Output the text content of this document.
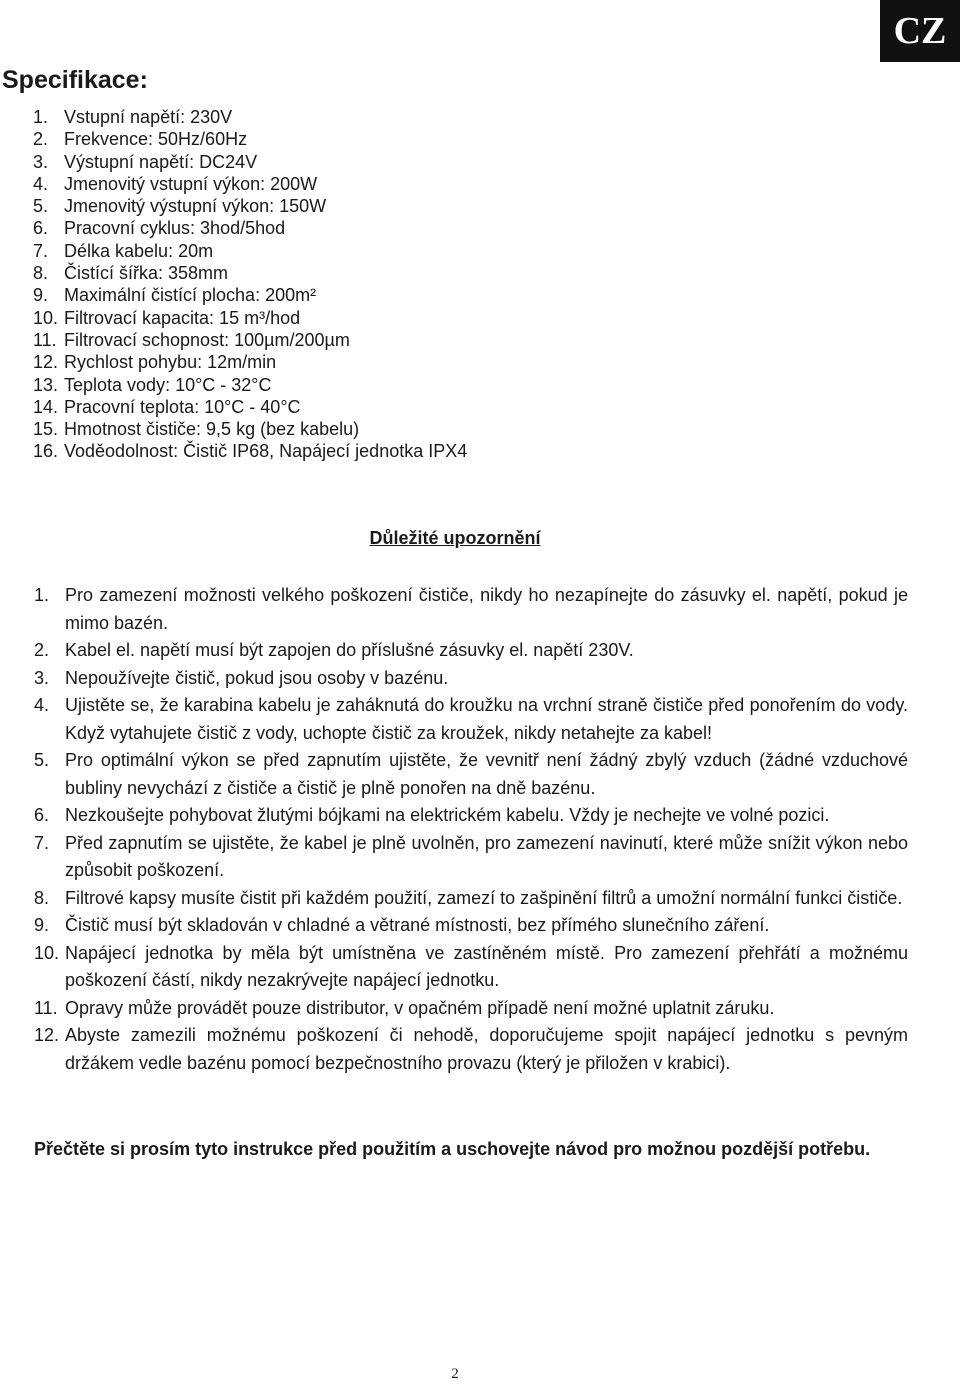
CZ
Specifikace:
1. Vstupní napětí: 230V
2. Frekvence: 50Hz/60Hz
3. Výstupní napětí: DC24V
4. Jmenovitý vstupní výkon: 200W
5. Jmenovitý výstupní výkon: 150W
6. Pracovní cyklus: 3hod/5hod
7. Délka kabelu: 20m
8. Čistící šířka: 358mm
9. Maximální čistící plocha: 200m²
10. Filtrovací kapacita: 15 m³/hod
11. Filtrovací schopnost: 100µm/200µm
12. Rychlost pohybu: 12m/min
13. Teplota vody: 10°C - 32°C
14. Pracovní teplota: 10°C - 40°C
15. Hmotnost čističe: 9,5 kg (bez kabelu)
16. Voděodolnost: Čistič IP68, Napájecí jednotka IPX4
Důležité upozornění
1. Pro zamezení možnosti velkého poškození čističe, nikdy ho nezapínejte do zásuvky el. napětí, pokud je mimo bazén.
2. Kabel el. napětí musí být zapojen do příslušné zásuvky el. napětí 230V.
3. Nepoužívejte čistič, pokud jsou osoby v bazénu.
4. Ujistěte se, že karabina kabelu je zaháknutá do kroužku na vrchní straně čističe před ponořením do vody. Když vytahujete čistič z vody, uchopte čistič za kroužek, nikdy netahejte za kabel!
5. Pro optimální výkon se před zapnutím ujistěte, že vevnitř není žádný zbylý vzduch (žádné vzduchové bubliny nevychází z čističe a čistič je plně ponořen na dně bazénu.
6. Nezkoušejte pohybovat žlutými bójkami na elektrickém kabelu. Vždy je nechejte ve volné pozici.
7. Před zapnutím se ujistěte, že kabel je plně uvolněn, pro zamezení navinutí, které může snížit výkon nebo způsobit poškození.
8. Filtrové kapsy musíte čistit při každém použití, zamezí to zašpinění filtrů a umožní normální funkci čističe.
9. Čistič musí být skladován v chladné a větrané místnosti, bez přímého slunečního záření.
10. Napájecí jednotka by měla být umístněna ve zastíněném místě. Pro zamezení přehřátí a možnému poškození částí, nikdy nezakrývejte napájecí jednotku.
11. Opravy může provádět pouze distributor, v opačném případě není možné uplatnit záruku.
12. Abyste zamezili možnému poškození či nehodě, doporučujeme spojit napájecí jednotku s pevným držákem vedle bazénu pomocí bezpečnostního provazu (který je přiložen v krabici).

Přečtěte si prosím tyto instrukce před použitím a uschovejte návod pro možnou pozdější potřebu.

2
